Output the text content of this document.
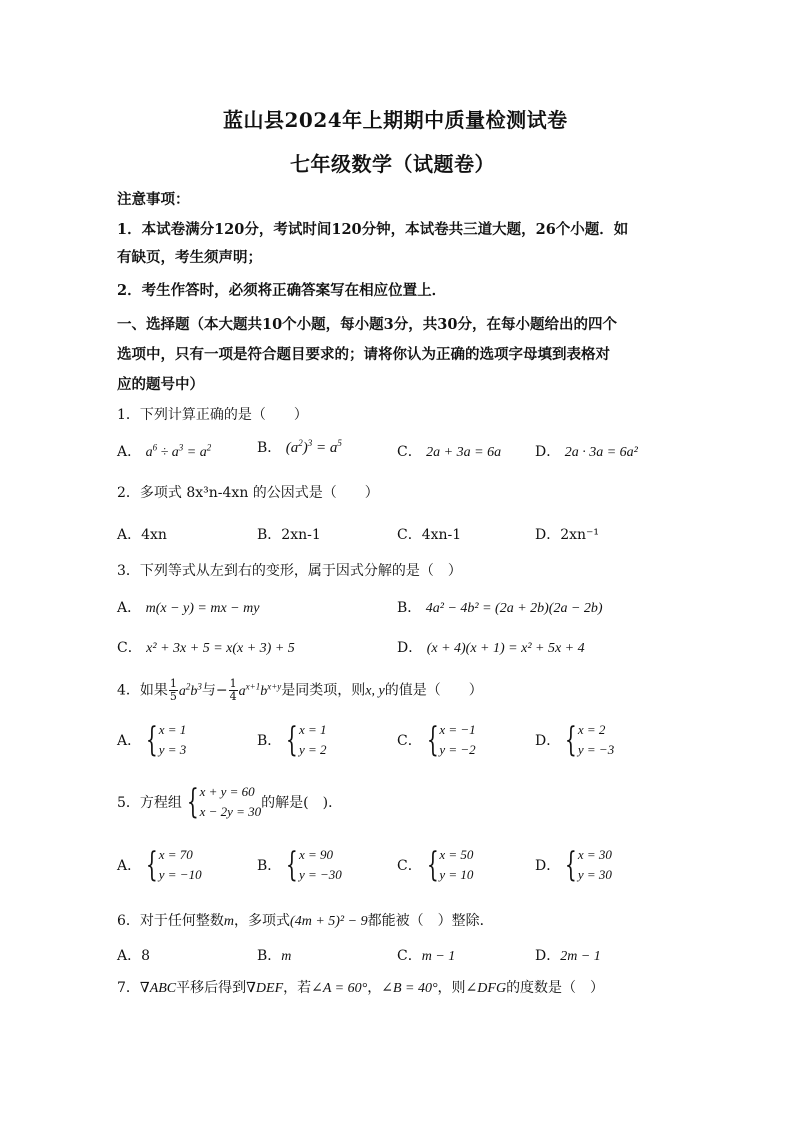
蓝山县2024年上期期中质量检测试卷
七年级数学（试题卷）
注意事项：
1．本试卷满分120分，考试时间120分钟，本试卷共三道大题，26个小题．如
有缺页，考生须声明；
2．考生作答时，必须将正确答案写在相应位置上．
一、选择题（本大题共10个小题，每小题3分，共30分，在每小题给出的四个
选项中，只有一项是符合题目要求的；请将你认为正确的选项字母填到表格对
应的题号中）
1．下列计算正确的是（　　）
A． $a^6 \div a^3 = a^2$	B． $(a^2)^3 = a^5$
C． 2a + 3a = 6a D． 2a · 3a = 6a²
2．多项式 8x³n-4xn 的公因式是（　　）
A．4xn	B．2xn-1	C．4xn-1	D．2xn⁻¹
3．下列等式从左到右的变形，属于因式分解的是（　）
A． m(x − y) = mx − my	B． 4a² − 4b² = (2a + 2b)(2a − 2b)
C． x² + 3x + 5 = x(x + 3) + 5	D． (x + 4)(x + 1) = x² + 5x + 4
4．如果 $\frac{1}{5} a^2b^3$与− $\frac{1}{4} a^{x+1}b^{x+y}$是同类项，则x, y的值是（　　）
A． { x = 1
y = 3
B． { x = 1
y = 2
C． { x = −1
y = −2
D． { x = 2
y = −3
5．方程组 { x + y = 60
x − 2y = 30
的解是(　)．
A． { x = 70
y = −10
B． { x = 90
y = −30
C． { x = 50
y = 10
D． { x = 30
y = 30
6．对于任何整数m，多项式(4m + 5)² − 9都能被（　）整除．
A．8	B．m	C．m − 1	D．2m − 1
7．∇ABC平移后得到∇DEF，若∠A = 60°，∠B = 40°，则∠DFG的度数是（　）
